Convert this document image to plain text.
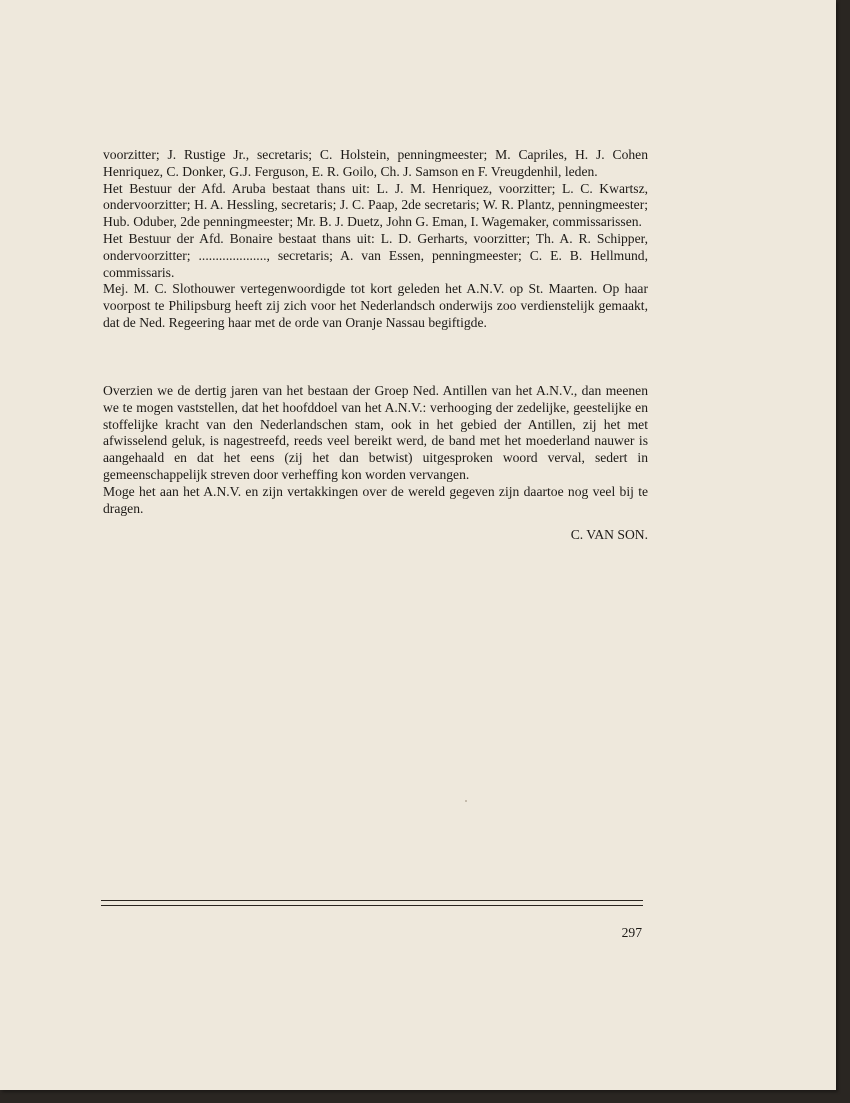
voorzitter; J. Rustige Jr., secretaris; C. Holstein, penningmeester; M. Capriles, H. J. Cohen Henriquez, C. Donker, G.J. Ferguson, E. R. Goilo, Ch. J. Samson en F. Vreugdenhil, leden.

Het Bestuur der Afd. Aruba bestaat thans uit: L. J. M. Henriquez, voorzitter; L. C. Kwartsz, ondervoorzitter; H. A. Hessling, secretaris; J. C. Paap, 2de secretaris; W. R. Plantz, penningmeester; Hub. Oduber, 2de penningmeester; Mr. B. J. Duetz, John G. Eman, I. Wagemaker, commissarissen.

Het Bestuur der Afd. Bonaire bestaat thans uit: L. D. Gerharts, voorzitter; Th. A. R. Schipper, ondervoorzitter; ...................., secretaris; A. van Essen, penningmeester; C. E. B. Hellmund, commissaris.

Mej. M. C. Slothouwer vertegenwoordigde tot kort geleden het A.N.V. op St. Maarten. Op haar voorpost te Philipsburg heeft zij zich voor het Nederlandsch onderwijs zoo verdienstelijk gemaakt, dat de Ned. Regeering haar met de orde van Oranje Nassau begiftigde.

Overzien we de dertig jaren van het bestaan der Groep Ned. Antillen van het A.N.V., dan meenen we te mogen vaststellen, dat het hoofddoel van het A.N.V.: verhooging der zedelijke, geestelijke en stoffelijke kracht van den Nederlandschen stam, ook in het gebied der Antillen, zij het met afwisselend geluk, is nagestreefd, reeds veel bereikt werd, de band met het moederland nauwer is aangehaald en dat het eens (zij het dan betwist) uitgesproken woord verval, sedert in gemeenschappelijk streven door verheffing kon worden vervangen.

Moge het aan het A.N.V. en zijn vertakkingen over de wereld gegeven zijn daartoe nog veel bij te dragen.

C. VAN SON.
297
